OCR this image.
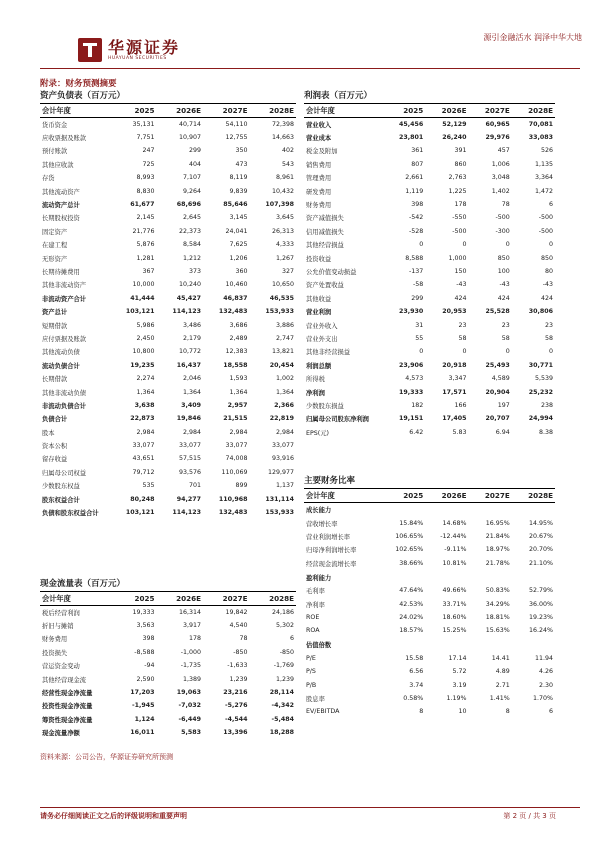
华源证券
HUAYUAN SECURITIES
源引金融活水 润泽中华大地
附录：财务预测摘要
资产负债表（百万元）
会计年度	2025	2026E	2027E	2028E
货币资金	35,131	40,714	54,110	72,398
应收票据及账款	7,751	10,907	12,755	14,663
预付账款	247	299	350	402
其他应收款	725	404	473	543
存货	8,993	7,107	8,119	8,961
其他流动资产	8,830	9,264	9,839	10,432
流动资产总计	61,677	68,696	85,646	107,398
长期股权投资	2,145	2,645	3,145	3,645
固定资产	21,776	22,373	24,041	26,313
在建工程	5,876	8,584	7,625	4,333
无形资产	1,281	1,212	1,206	1,267
长期待摊费用	367	373	360	327
其他非流动资产	10,000	10,240	10,460	10,650
非流动资产合计	41,444	45,427	46,837	46,535
资产总计	103,121	114,123	132,483	153,933
短期借款	5,986	3,486	3,686	3,886
应付票据及账款	2,450	2,179	2,489	2,747
其他流动负债	10,800	10,772	12,383	13,821
流动负债合计	19,235	16,437	18,558	20,454
长期借款	2,274	2,046	1,593	1,002
其他非流动负债	1,364	1,364	1,364	1,364
非流动负债合计	3,638	3,409	2,957	2,366
负债合计	22,873	19,846	21,515	22,819
股本	2,984	2,984	2,984	2,984
资本公积	33,077	33,077	33,077	33,077
留存收益	43,651	57,515	74,008	93,916
归属母公司权益	79,712	93,576	110,069	129,977
少数股东权益	535	701	899	1,137
股东权益合计	80,248	94,277	110,968	131,114
负债和股东权益合计	103,121	114,123	132,483	153,933
利润表（百万元）
会计年度	2025	2026E	2027E	2028E
营业收入	45,456	52,129	60,965	70,081
营业成本	23,801	26,240	29,976	33,083
税金及附加	361	391	457	526
销售费用	807	860	1,006	1,135
管理费用	2,661	2,763	3,048	3,364
研发费用	1,119	1,225	1,402	1,472
财务费用	398	178	78	6
资产减值损失	-542	-550	-500	-500
信用减值损失	-528	-500	-300	-500
其他经营损益	0	0	0	0
投资收益	8,588	1,000	850	850
公允价值变动损益	-137	150	100	80
资产处置收益	-58	-43	-43	-43
其他收益	299	424	424	424
营业利润	23,930	20,953	25,528	30,806
营业外收入	31	23	23	23
营业外支出	55	58	58	58
其他非经营损益	0	0	0	0
利润总额	23,906	20,918	25,493	30,771
所得税	4,573	3,347	4,589	5,539
净利润	19,333	17,571	20,904	25,232
少数股东损益	182	166	197	238
归属母公司股东净利润	19,151	17,405	20,707	24,994
EPS(元)	6.42	5.83	6.94	8.38
主要财务比率
会计年度	2025	2026E	2027E	2028E
成长能力				
营收增长率	15.84%	14.68%	16.95%	14.95%
营业利润增长率	106.65%	-12.44%	21.84%	20.67%
归母净利润增长率	102.65%	-9.11%	18.97%	20.70%
经营现金流增长率	38.66%	10.81%	21.78%	21.10%
盈利能力				
毛利率	47.64%	49.66%	50.83%	52.79%
净利率	42.53%	33.71%	34.29%	36.00%
ROE	24.02%	18.60%	18.81%	19.23%
ROA	18.57%	15.25%	15.63%	16.24%
估值倍数				
P/E	15.58	17.14	14.41	11.94
P/S	6.56	5.72	4.89	4.26
P/B	3.74	3.19	2.71	2.30
股息率	0.58%	1.19%	1.41%	1.70%
EV/EBITDA	8	10	8	6
现金流量表（百万元）
会计年度	2025	2026E	2027E	2028E
税后经营利润	19,333	16,314	19,842	24,186
折旧与摊销	3,563	3,917	4,540	5,302
财务费用	398	178	78	6
投资损失	-8,588	-1,000	-850	-850
营运资金变动	-94	-1,735	-1,633	-1,769
其他经营现金流	2,590	1,389	1,239	1,239
经营性现金净流量	17,203	19,063	23,216	28,114
投资性现金净流量	-1,945	-7,032	-5,276	-4,342
筹资性现金净流量	1,124	-6,449	-4,544	-5,484
现金流量净额	16,011	5,583	13,396	18,288
资料来源：公司公告，华源证券研究所预测
请务必仔细阅读正文之后的评级说明和重要声明	第 2 页 / 共 3 页
